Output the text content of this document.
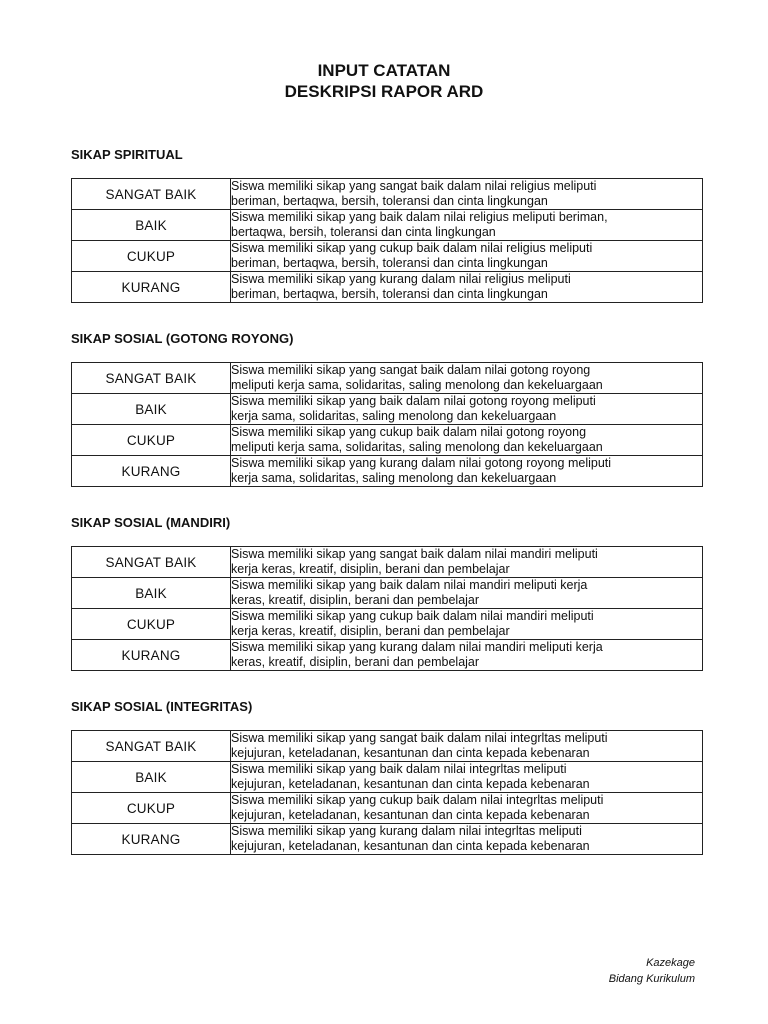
INPUT CATATAN
DESKRIPSI RAPOR ARD
SIKAP SPIRITUAL
SANGAT BAIK	Siswa memiliki sikap yang sangat baik dalam nilai religius meliputi
beriman, bertaqwa, bersih, toleransi dan cinta lingkungan

BAIK	Siswa memiliki sikap yang baik dalam nilai religius meliputi beriman,
bertaqwa, bersih, toleransi dan cinta lingkungan

CUKUP	Siswa memiliki sikap yang cukup baik dalam nilai religius meliputi
beriman, bertaqwa, bersih, toleransi dan cinta lingkungan

KURANG	Siswa memiliki sikap yang kurang dalam nilai religius meliputi
beriman, bertaqwa, bersih, toleransi dan cinta lingkungan
SIKAP SOSIAL (GOTONG ROYONG)
SANGAT BAIK	Siswa memiliki sikap yang sangat baik dalam nilai gotong royong
meliputi kerja sama, solidaritas, saling menolong dan kekeluargaan

BAIK	Siswa memiliki sikap yang baik dalam nilai gotong royong meliputi
kerja sama, solidaritas, saling menolong dan kekeluargaan

CUKUP	Siswa memiliki sikap yang cukup baik dalam nilai gotong royong
meliputi kerja sama, solidaritas, saling menolong dan kekeluargaan

KURANG	Siswa memiliki sikap yang kurang dalam nilai gotong royong meliputi
kerja sama, solidaritas, saling menolong dan kekeluargaan
SIKAP SOSIAL (MANDIRI)
SANGAT BAIK	Siswa memiliki sikap yang sangat baik dalam nilai mandiri meliputi
kerja keras, kreatif, disiplin, berani dan pembelajar

BAIK	Siswa memiliki sikap yang baik dalam nilai mandiri meliputi kerja
keras, kreatif, disiplin, berani dan pembelajar

CUKUP	Siswa memiliki sikap yang cukup baik dalam nilai mandiri meliputi
kerja keras, kreatif, disiplin, berani dan pembelajar

KURANG	Siswa memiliki sikap yang kurang dalam nilai mandiri meliputi kerja
keras, kreatif, disiplin, berani dan pembelajar
SIKAP SOSIAL (INTEGRITAS)
SANGAT BAIK	Siswa memiliki sikap yang sangat baik dalam nilai integrltas meliputi
kejujuran, keteladanan, kesantunan dan cinta kepada kebenaran

BAIK	Siswa memiliki sikap yang baik dalam nilai integrltas meliputi
kejujuran, keteladanan, kesantunan dan cinta kepada kebenaran

CUKUP	Siswa memiliki sikap yang cukup baik dalam nilai integrltas meliputi
kejujuran, keteladanan, kesantunan dan cinta kepada kebenaran

KURANG	Siswa memiliki sikap yang kurang dalam nilai integrltas meliputi
kejujuran, keteladanan, kesantunan dan cinta kepada kebenaran
Kazekage
Bidang Kurikulum
